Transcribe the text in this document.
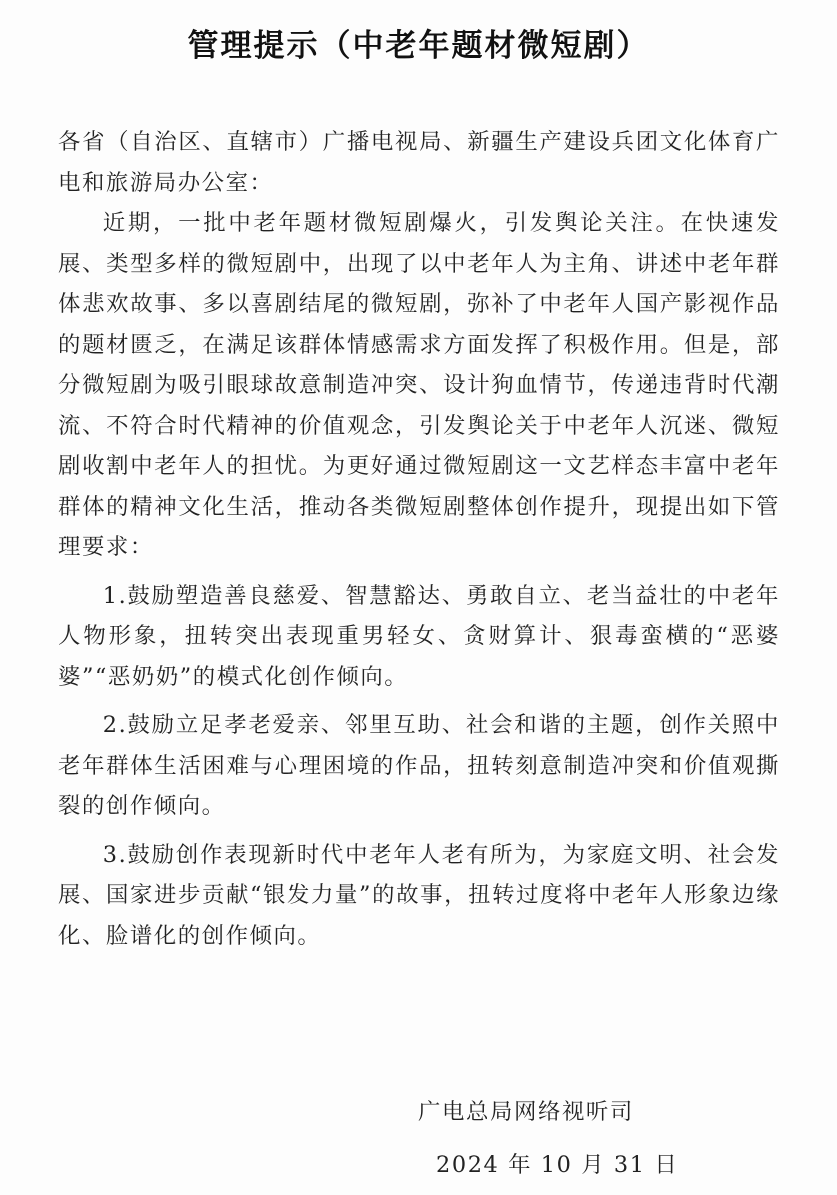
管理提示（中老年题材微短剧）

各省（自治区、直辖市）广播电视局、新疆生产建设兵团文化体育广电和旅游局办公室：

近期，一批中老年题材微短剧爆火，引发舆论关注。在快速发展、类型多样的微短剧中，出现了以中老年人为主角、讲述中老年群体悲欢故事、多以喜剧结尾的微短剧，弥补了中老年人国产影视作品的题材匮乏，在满足该群体情感需求方面发挥了积极作用。但是，部分微短剧为吸引眼球故意制造冲突、设计狗血情节，传递违背时代潮流、不符合时代精神的价值观念，引发舆论关于中老年人沉迷、微短剧收割中老年人的担忧。为更好通过微短剧这一文艺样态丰富中老年群体的精神文化生活，推动各类微短剧整体创作提升，现提出如下管理要求：

1.鼓励塑造善良慈爱、智慧豁达、勇敢自立、老当益壮的中老年人物形象，扭转突出表现重男轻女、贪财算计、狠毒蛮横的“恶婆婆”“恶奶奶”的模式化创作倾向。

2.鼓励立足孝老爱亲、邻里互助、社会和谐的主题，创作关照中老年群体生活困难与心理困境的作品，扭转刻意制造冲突和价值观撕裂的创作倾向。

3.鼓励创作表现新时代中老年人老有所为，为家庭文明、社会发展、国家进步贡献“银发力量”的故事，扭转过度将中老年人形象边缘化、脸谱化的创作倾向。

广电总局网络视听司
2024 年 10 月 31 日
